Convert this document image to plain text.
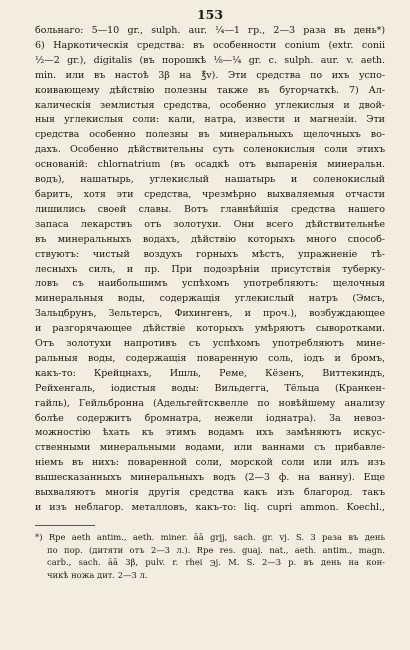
153
больнаго: 5—10 gr., sulph. aur. ¼—1 гр., 2—3 раза въ день*)
6) Наркотическія средства: въ особенности conium (extr. conii
½—2 gr.), digitalis (въ порошкѣ ⅛—¼ gr. c. sulph. aur. v. aeth.
min. или въ настоѣ 3β на ℥v). Эти средства по ихъ успо-
коивающему дѣйствію полезны также въ бугорчаткѣ. 7) Ал-
калическія землистыя средства, особенно углекислыя и двой-
ныя углекислыя соли: кали, натра, извести и магнезіи. Эти
средства особенно полезны въ минеральныхъ щелочныхъ во-
дахъ. Особенно дѣйствительны суть соленокислыя соли этихъ
основаній: chlornatrium (въ осадкѣ отъ выпаренія минеральн.
водъ), нашатырь, углекислый нашатырь и соленокислый
баритъ, хотя эти средства, чрезмѣрно выхваляемыя отчасти
лишились своей славы. Вотъ главнѣйшія средства нашего
запаса лекарствъ отъ золотухи. Они всего дѣйствительнѣе
въ минеральныхъ водахъ, дѣйствію которыхъ много способ-
ствуютъ: чистый воздухъ горныхъ мѣстъ, упражненіе тѣ-
лесныхъ силъ, и пр. При подозрѣніи присутствія туберку-
ловъ съ наибольшимъ успѣхомъ употребляютъ: щелочныя
минеральныя воды, содержащія углекислый натръ (Эмсъ,
Зальцбрунъ, Зельтерсъ, Фихингенъ, и проч.), возбуждающее
и разгорячающее дѣйствіе которыхъ умѣряютъ сыворотками.
Отъ золотухи напротивъ съ успѣхомъ употребляютъ мине-
ральныя воды, содержащія поваренную соль, іодъ и бромъ,
какъ-то: Крейцнахъ, Ишль, Реме, Кёзенъ, Виттекиндъ,
Рейхенгаль, іодистыя воды: Вильдегга, Тёльца (Кранкен-
гайль), Гейльбронна (Адельгейтсквелле по новѣйшему анализу
болѣе содержитъ бромнатра, нежели іоднатра). За невоз-
можностію ѣхать къ этимъ водамъ ихъ замѣняютъ искус-
ственными минеральными водами, или ваннами съ прибавле-
ніемъ въ нихъ: поваренной соли, морской соли или илъ изъ
вышесказанныхъ минеральныхъ водъ (2—3 ф. на ванну). Еще
выхваляютъ многія другія средства какъ изъ благород. такъ
и изъ неблагор. металловъ, какъ-то: liq. cupri ammon. Koechl.,
*) Rpe aeth antim., aeth. miner. āā grjj, sach. gr. vj. S. 3 раза въ день
по пор. (дитяти отъ 2—3 л.). Rpe res. guaj. nat., aeth. antim., magn.
carb., sach. āā 3β, pulv. r. rhei ℈j. M. S. 2—3 р. въ день на кон-
чикѣ ножа дит. 2—3 л.
